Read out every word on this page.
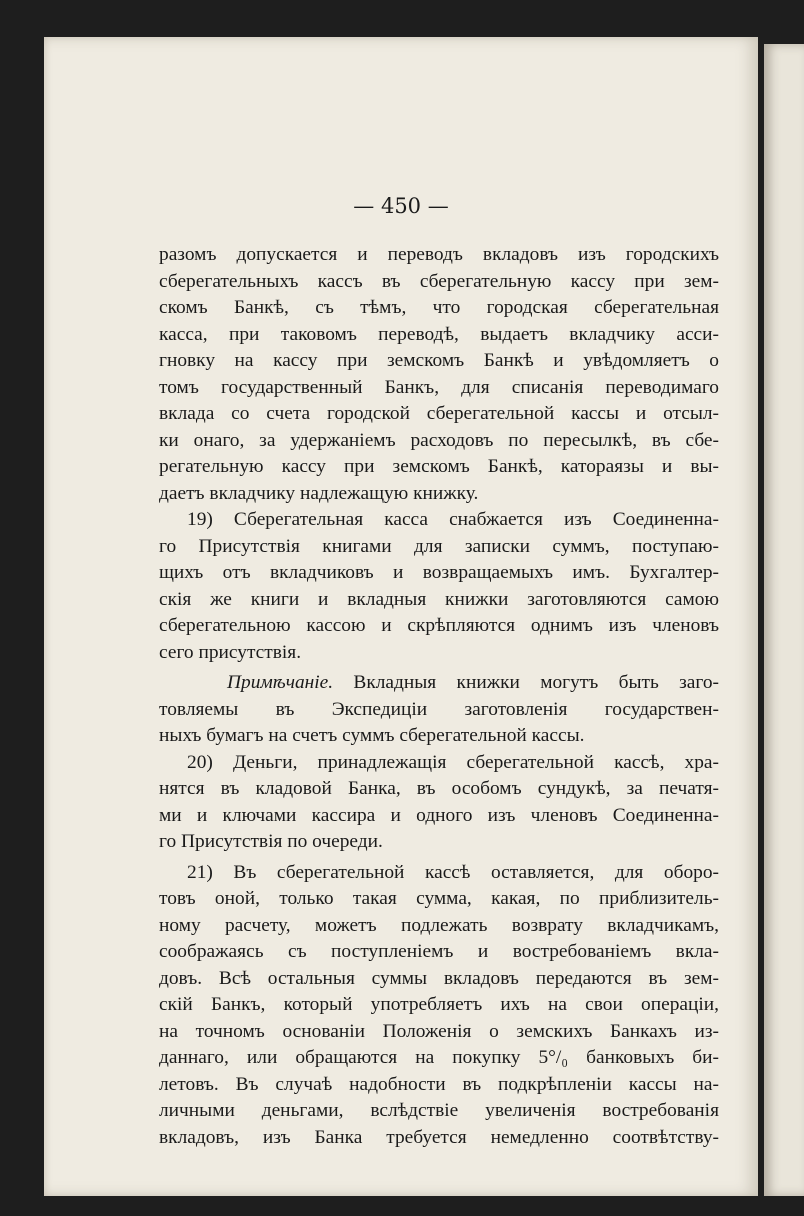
— 450 —
разомъ допускается и переводъ вкладовъ изъ городскихъ
сберегательныхъ кассъ въ сберегательную кассу при зем-
скомъ Банкѣ, съ тѣмъ, что городская сберегательная
касса, при таковомъ переводѣ, выдаетъ вкладчику асси-
гновку на кассу при земскомъ Банкѣ и увѣдомляетъ о
томъ государственный Банкъ, для списанія переводимаго
вклада со счета городской сберегательной кассы и отсыл-
ки онаго, за удержаніемъ расходовъ по пересылкѣ, въ сбе-
регательную кассу при земскомъ Банкѣ, катораязы и вы-
даетъ вкладчику надлежащую книжку.
19) Сберегательная касса снабжается изъ Соединенна-
го Присутствія книгами для записки суммъ, поступаю-
щихъ отъ вкладчиковъ и возвращаемыхъ имъ. Бухгалтер-
скія же книги и вкладныя книжки заготовляются самою
сберегательною кассою и скрѣпляются однимъ изъ членовъ
сего присутствія.
Примѣчаніе. Вкладныя книжки могутъ быть заго-
товляемы въ Экспедиціи заготовленія государствен-
ныхъ бумагъ на счетъ суммъ сберегательной кассы.
20) Деньги, принадлежащія сберегательной кассѣ, хра-
нятся въ кладовой Банка, въ особомъ сундукѣ, за печатя-
ми и ключами кассира и одного изъ членовъ Соединенна-
го Присутствія по очереди.
21) Въ сберегательной кассѣ оставляется, для оборо-
товъ оной, только такая сумма, какая, по приблизитель-
ному расчету, можетъ подлежать возврату вкладчикамъ,
соображаясь съ поступленіемъ и востребованіемъ вкла-
довъ. Всѣ остальныя суммы вкладовъ передаются въ зем-
скій Банкъ, который употребляетъ ихъ на свои операціи,
на точномъ основаніи Положенія о земскихъ Банкахъ из-
даннаго, или обращаются на покупку 5°/₀ банковыхъ би-
летовъ. Въ случаѣ надобности въ подкрѣпленіи кассы на-
личными деньгами, вслѣдствіе увеличенія востребованія
вкладовъ, изъ Банка требуется немедленно соотвѣтству-
